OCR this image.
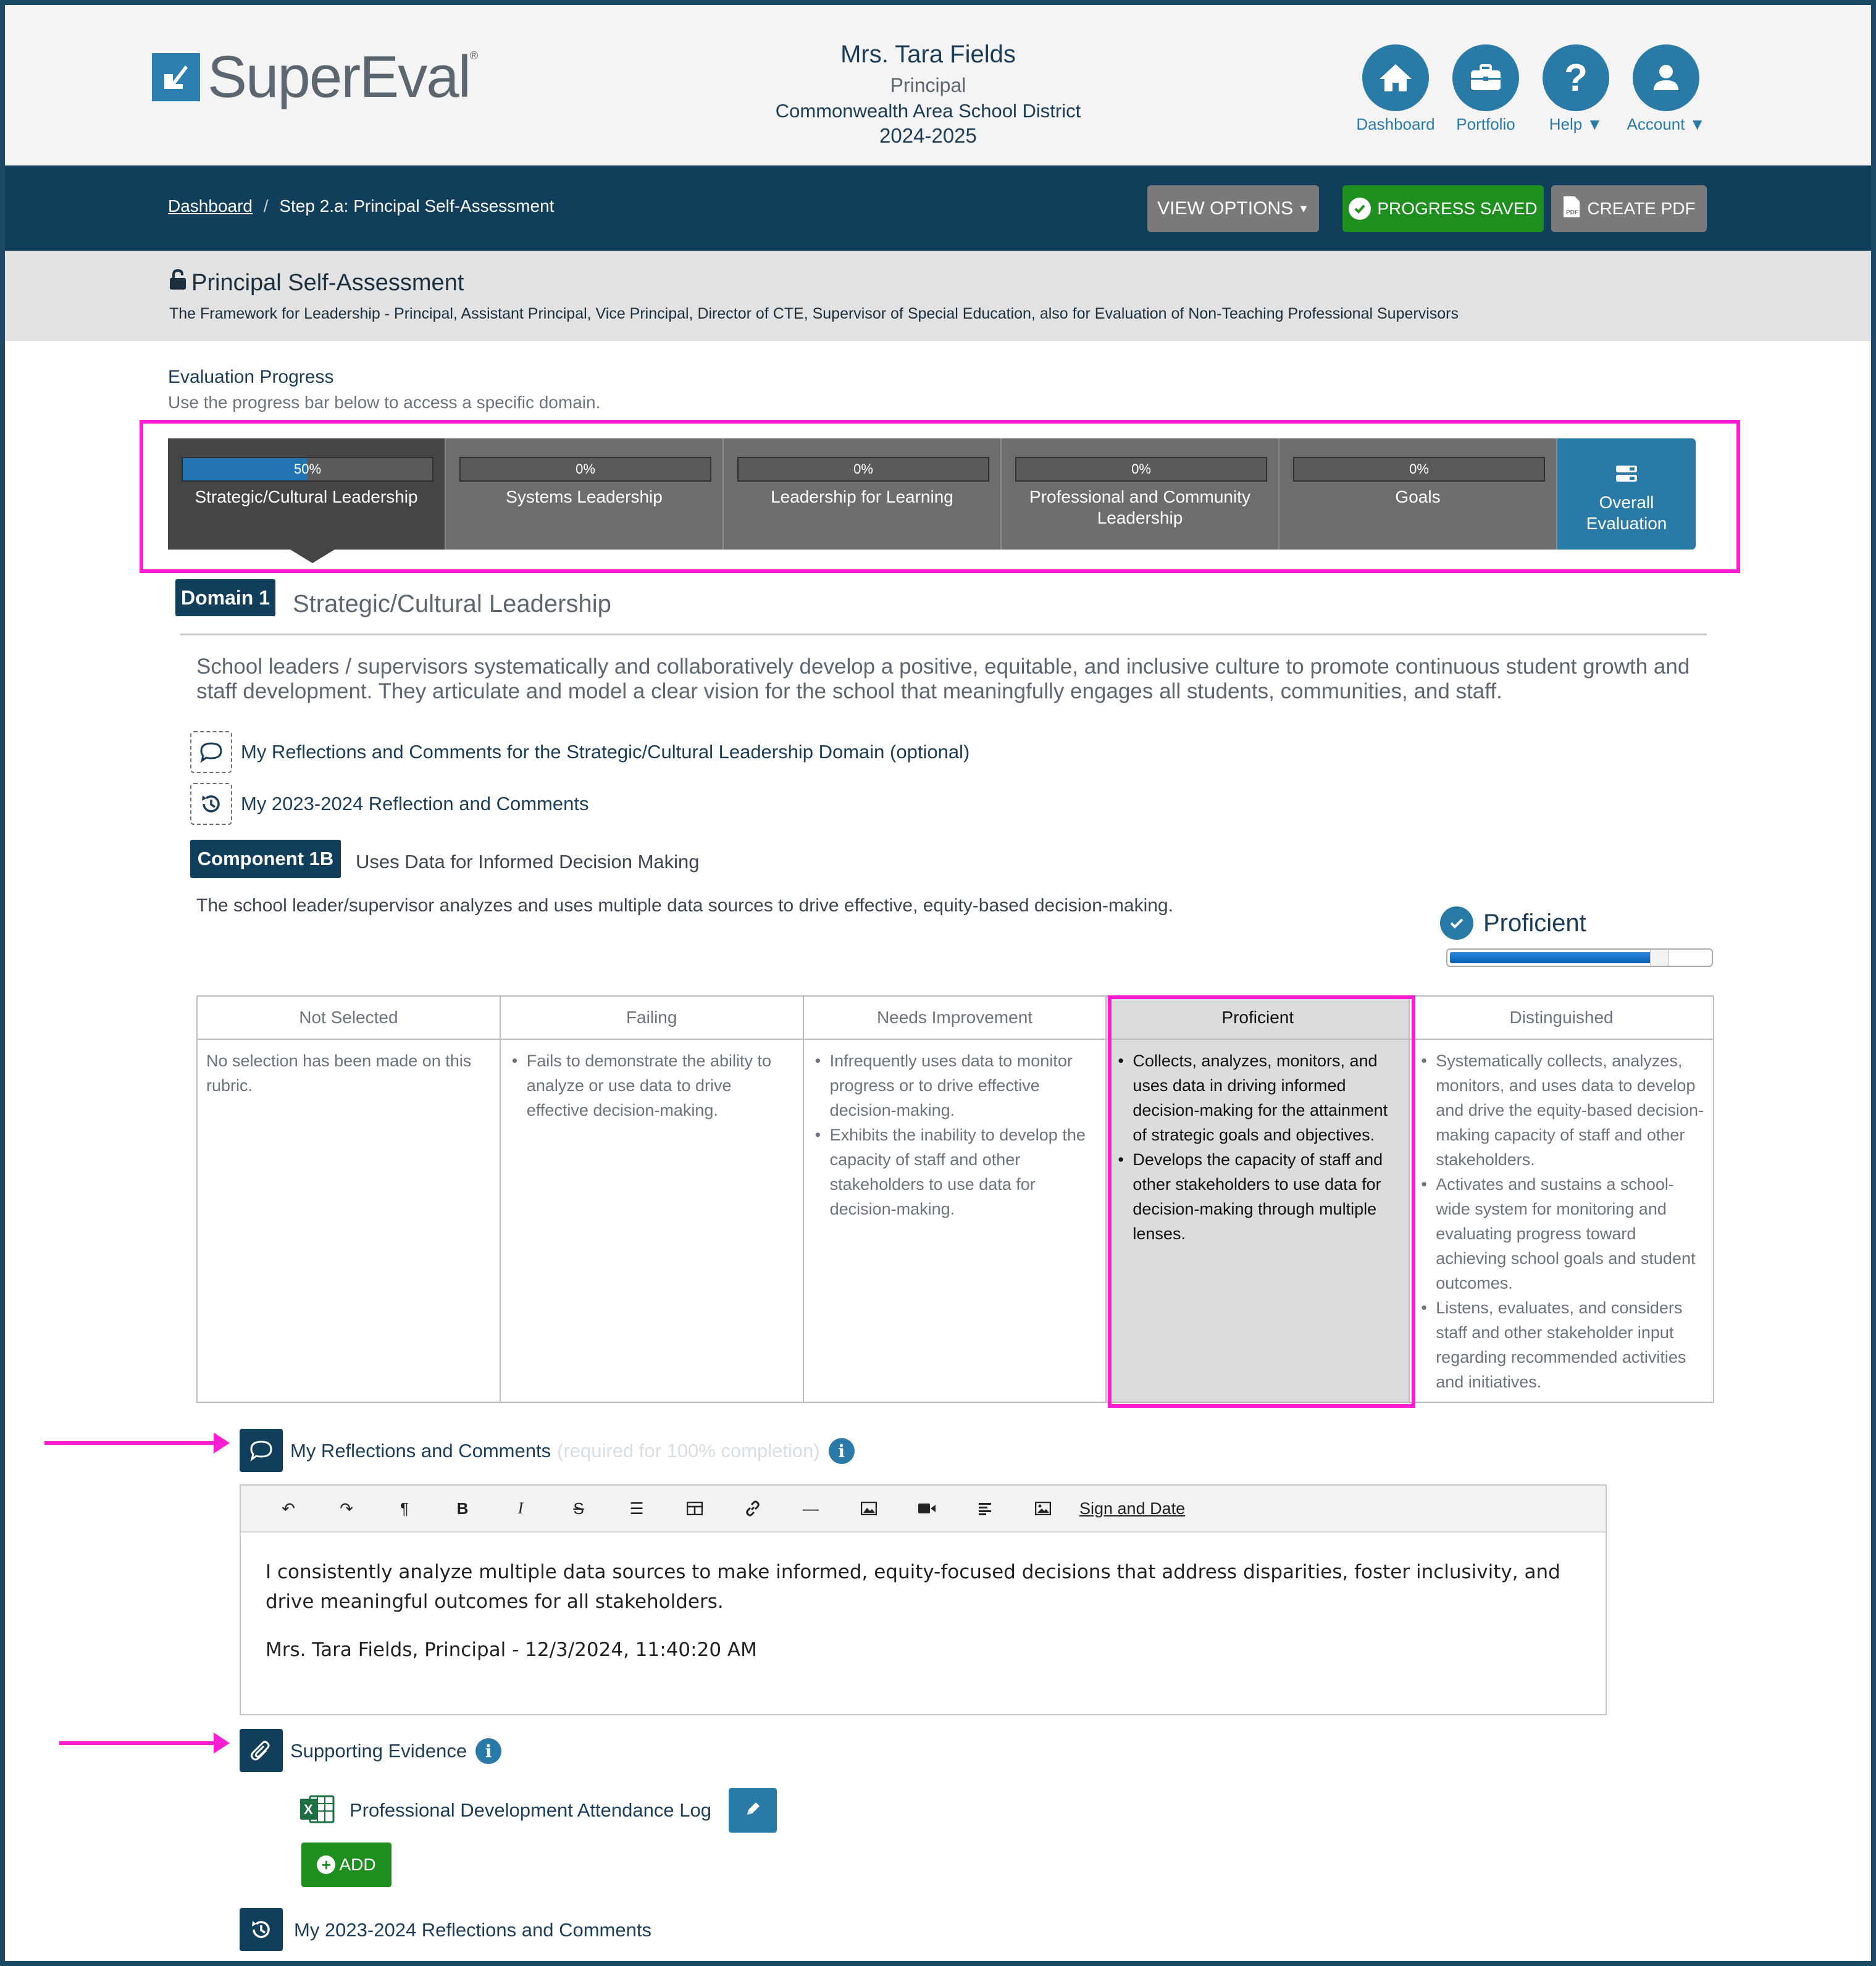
SuperEval ®	Mrs. Tara Fields
Principal
Commonwealth Area School District
2024-2025	Dashboard	Portfolio
?
Help ▼	Account ▼
Dashboard / Step 2.a: Principal Self-Assessment	VIEW OPTIONS ▼	PROGRESS SAVED	PDF CREATE PDF
Principal Self-Assessment
The Framework for Leadership - Principal, Assistant Principal, Vice Principal, Director of CTE, Supervisor of Special Education, also for Evaluation of Non-Teaching Professional Supervisors
Evaluation Progress
Use the progress bar below to access a specific domain.
50%
Strategic/Cultural Leadership
0%
Systems Leadership
0%
Leadership for Learning
0%
Professional and Community Leadership
0%
Goals	Overall Evaluation
Domain 1 Strategic/Cultural Leadership
School leaders / supervisors systematically and collaboratively develop a positive, equitable, and inclusive culture to promote continuous student growth and staff development. They articulate and model a clear vision for the school that meaningfully engages all students, communities, and staff.
My Reflections and Comments for the Strategic/Cultural Leadership Domain (optional)
My 2023-2024 Reflection and Comments
Component 1B	Uses Data for Informed Decision Making
The school leader/supervisor analyzes and uses multiple data sources to drive effective, equity-based decision-making.
Proficient
Not Selected
No selection has been made on this rubric.
Failing
• Fails to demonstrate the ability to analyze or use data to drive effective decision-making.
Needs Improvement
• Infrequently uses data to monitor progress or to drive effective decision-making.
• Exhibits the inability to develop the capacity of staff and other stakeholders to use data for decision-making.
Proficient
• Collects, analyzes, monitors, and uses data in driving informed decision-making for the attainment of strategic goals and objectives.
• Develops the capacity of staff and other stakeholders to use data for decision-making through multiple lenses.
Distinguished
• Systematically collects, analyzes, monitors, and uses data to develop and drive the equity-based decision-making capacity of staff and other stakeholders.
• Activates and sustains a school-wide system for monitoring and evaluating progress toward achieving school goals and student outcomes.
• Listens, evaluates, and considers staff and other stakeholder input regarding recommended activities and initiatives.
My Reflections and Comments (required for 100% completion)	i
↶	↷	¶	B	I	S	☰	—	Sign and Date

I consistently analyze multiple data sources to make informed, equity-focused decisions that address disparities, foster inclusivity, and drive meaningful outcomes for all stakeholders.

Mrs. Tara Fields, Principal - 12/3/2024, 11:40:20 AM

Supporting Evidence	i
X Professional Development Attendance Log
+ ADD
My 2023-2024 Reflections and Comments
